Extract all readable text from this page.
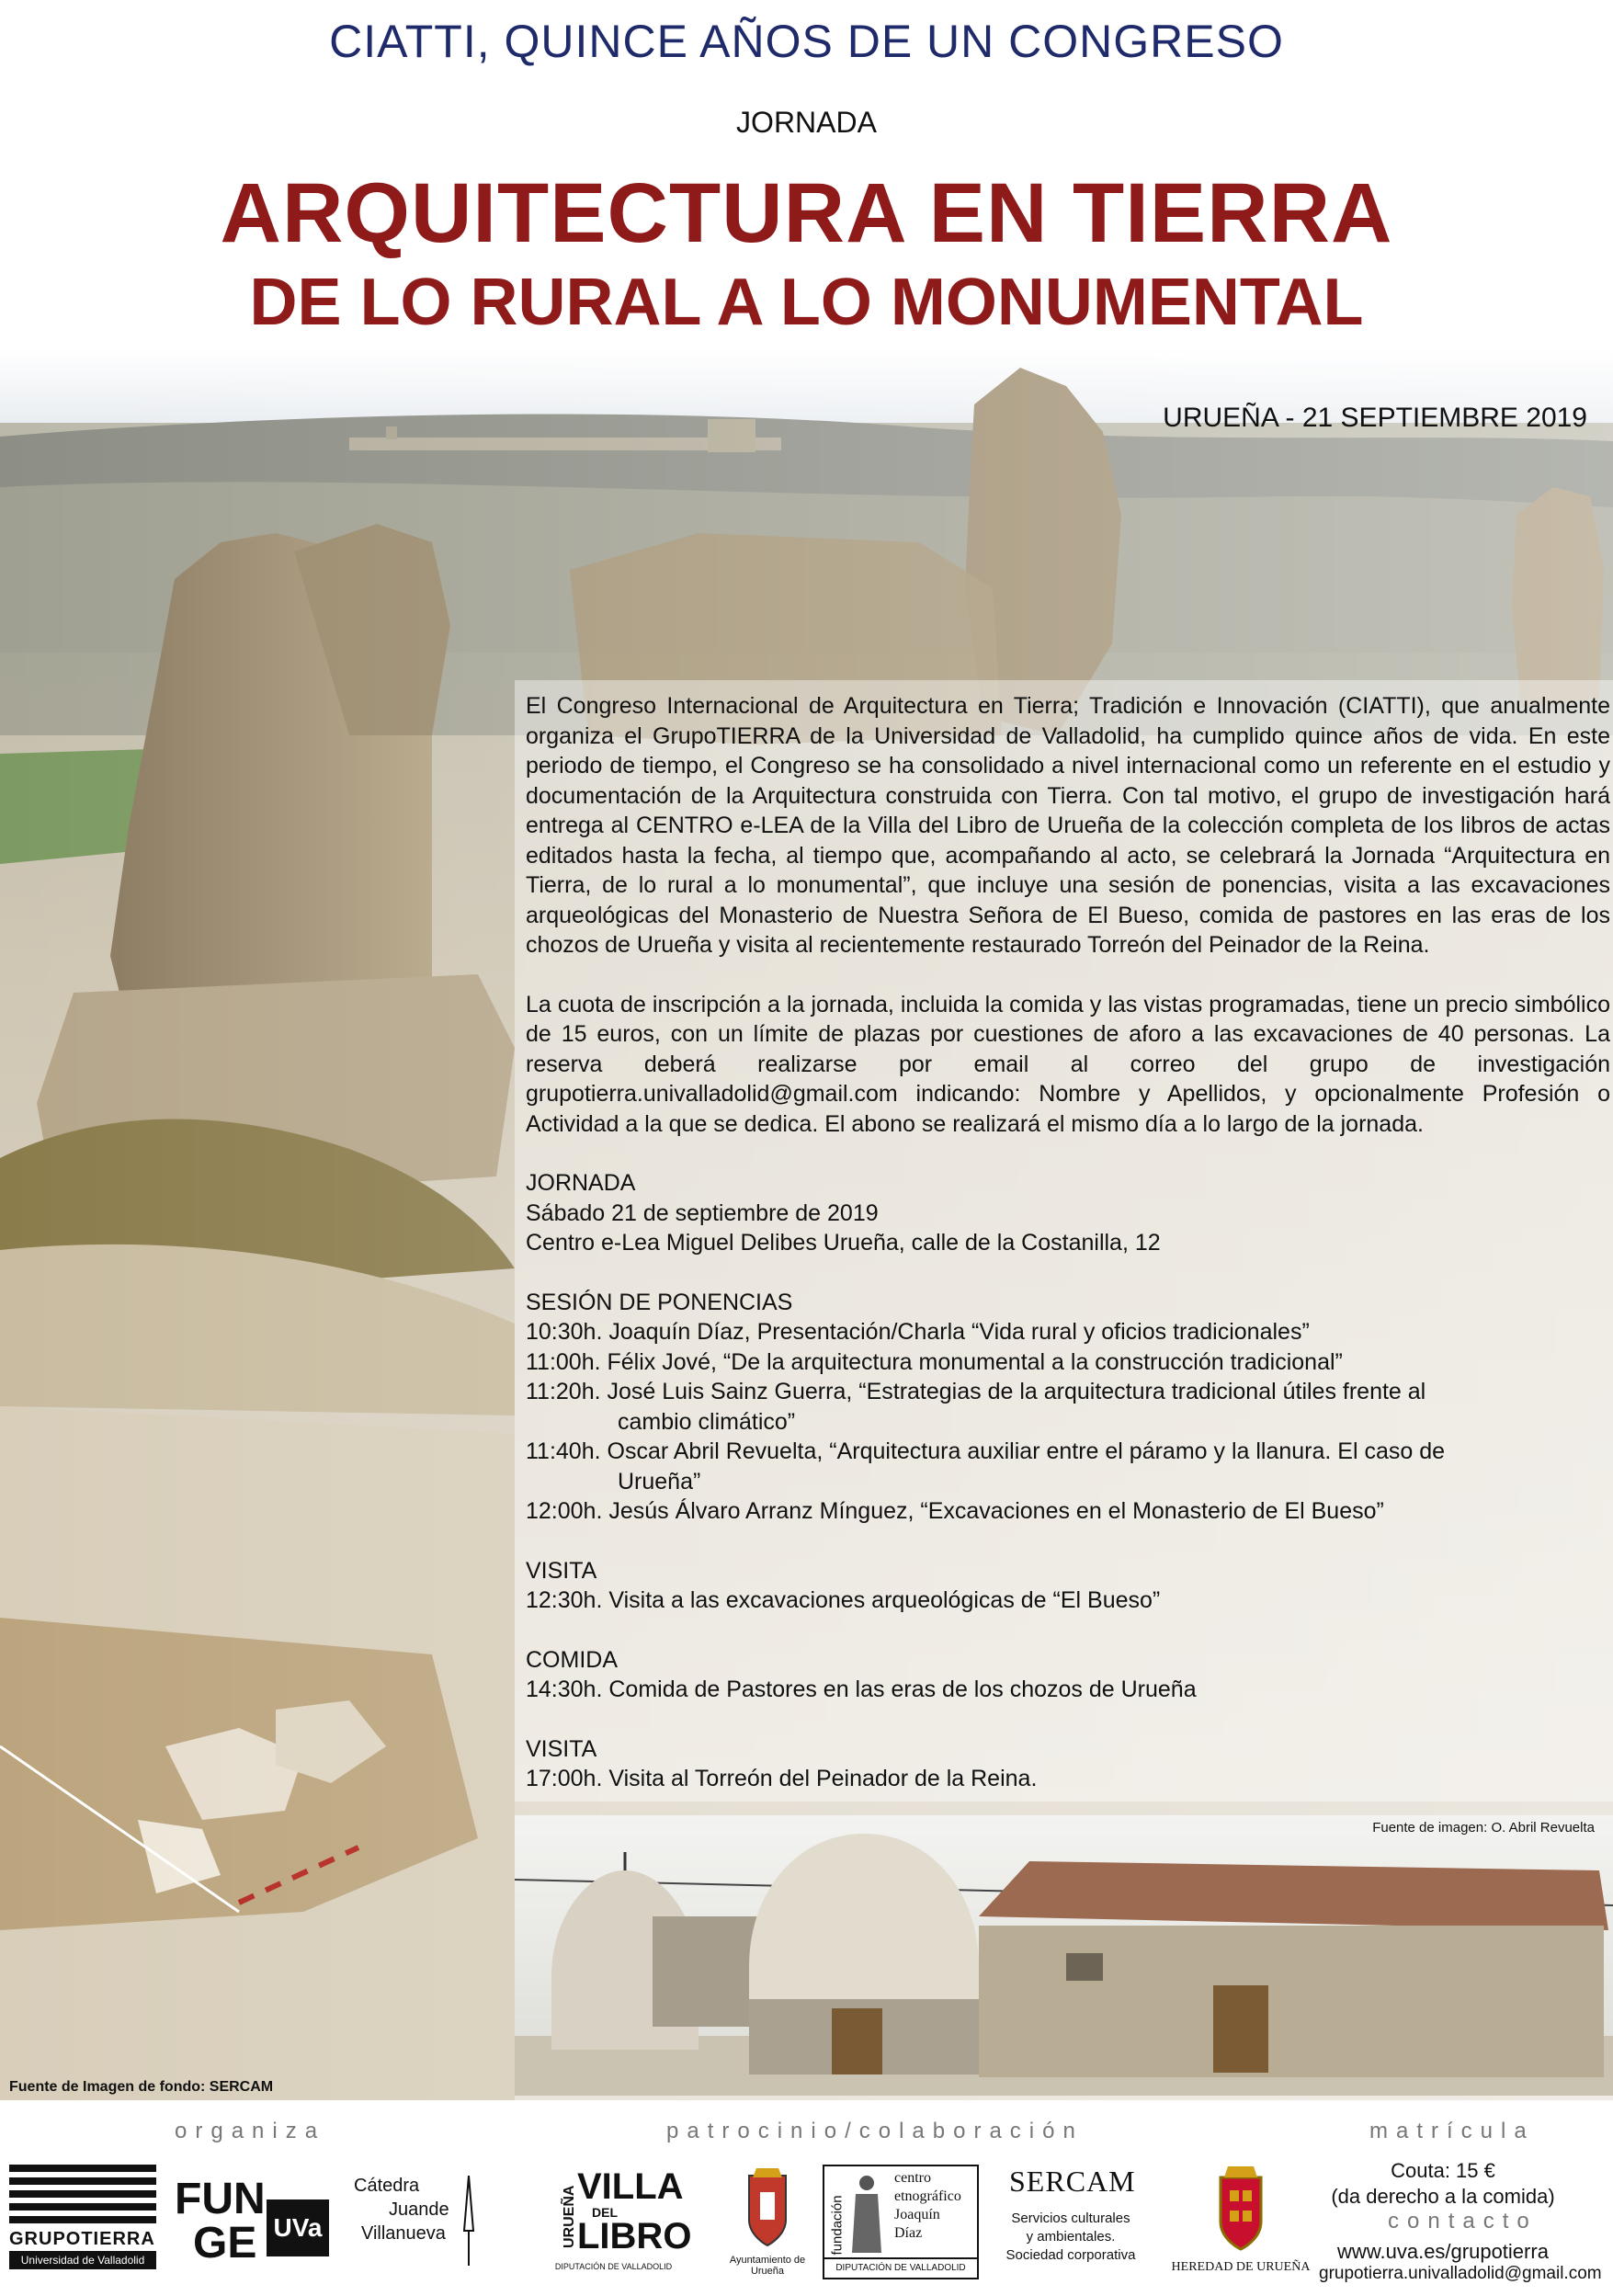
CIATTI, QUINCE AÑOS DE UN CONGRESO
JORNADA
ARQUITECTURA EN TIERRA
DE LO RURAL A LO MONUMENTAL
URUEÑA - 21 SEPTIEMBRE 2019

El Congreso Internacional de Arquitectura en Tierra; Tradición e Innovación (CIATTI), que anualmente organiza el GrupoTIERRA de la Universidad de Valladolid, ha cumplido quince años de vida. En este periodo de tiempo, el Congreso se ha consolidado a nivel internacional como un referente en el estudio y documentación de la Arquitectura construida con Tierra. Con tal motivo, el grupo de investigación hará entrega al CENTRO e-LEA de la Villa del Libro de Urueña de la colección completa de los libros de actas editados hasta la fecha, al tiempo que, acompañando al acto, se celebrará la Jornada “Arquitectura en Tierra, de lo rural a lo monumental”, que incluye una sesión de ponencias, visita a las excavaciones arqueológicas del Monasterio de Nuestra Señora de El Bueso, comida de pastores en las eras de los chozos de Urueña y visita al recientemente restaurado Torreón del Peinador de la Reina.

La cuota de inscripción a la jornada, incluida la comida y las vistas programadas, tiene un precio simbólico de 15 euros, con un límite de plazas por cuestiones de aforo a las excavaciones de 40 personas. La reserva deberá realizarse por email al correo del grupo de investigación grupotierra.univalladolid@gmail.com indicando: Nombre y Apellidos, y opcionalmente Profesión o Actividad a la que se dedica. El abono se realizará el mismo día a lo largo de la jornada.

JORNADA
Sábado 21 de septiembre de 2019
Centro e-Lea Miguel Delibes Urueña, calle de la Costanilla, 12
SESIÓN DE PONENCIAS
10:30h. Joaquín Díaz, Presentación/Charla “Vida rural y oficios tradicionales”
11:00h. Félix Jové, “De la arquitectura monumental a la construcción tradicional”
11:20h. José Luis Sainz Guerra, “Estrategias de la arquitectura tradicional útiles frente al
cambio climático”
11:40h. Oscar Abril Revuelta, “Arquitectura auxiliar entre el páramo y la llanura. El caso de
Urueña”
12:00h. Jesús Álvaro Arranz Mínguez, “Excavaciones en el Monasterio de El Bueso”
VISITA
12:30h. Visita a las excavaciones arqueológicas de “El Bueso”
COMIDA
14:30h. Comida de Pastores en las eras de los chozos de Urueña
VISITA
17:00h. Visita al Torreón del Peinador de la Reina.
Fuente de imagen: O. Abril Revuelta
Fuente de Imagen de fondo: SERCAM
organiza	patrocinio/colaboración	matrícula
GRUPOTIERRA
Universidad de Valladolid
FUN
GE UVa
Cátedra
Juande
Villanueva	URUEÑA VILLA
DEL
LIBRO
DIPUTACIÓN DE VALLADOLID
Ayuntamiento de Urueña
fundación
centro
etnográfico
Joaquín
Díaz
DIPUTACIÓN DE VALLADOLID
SERCAM
Servicios culturales
y ambientales.
Sociedad corporativa
HEREDAD DE URUEÑA
Couta: 15 €
(da derecho a la comida)
contacto
www.uva.es/grupotierra
grupotierra.univalladolid@gmail.com
